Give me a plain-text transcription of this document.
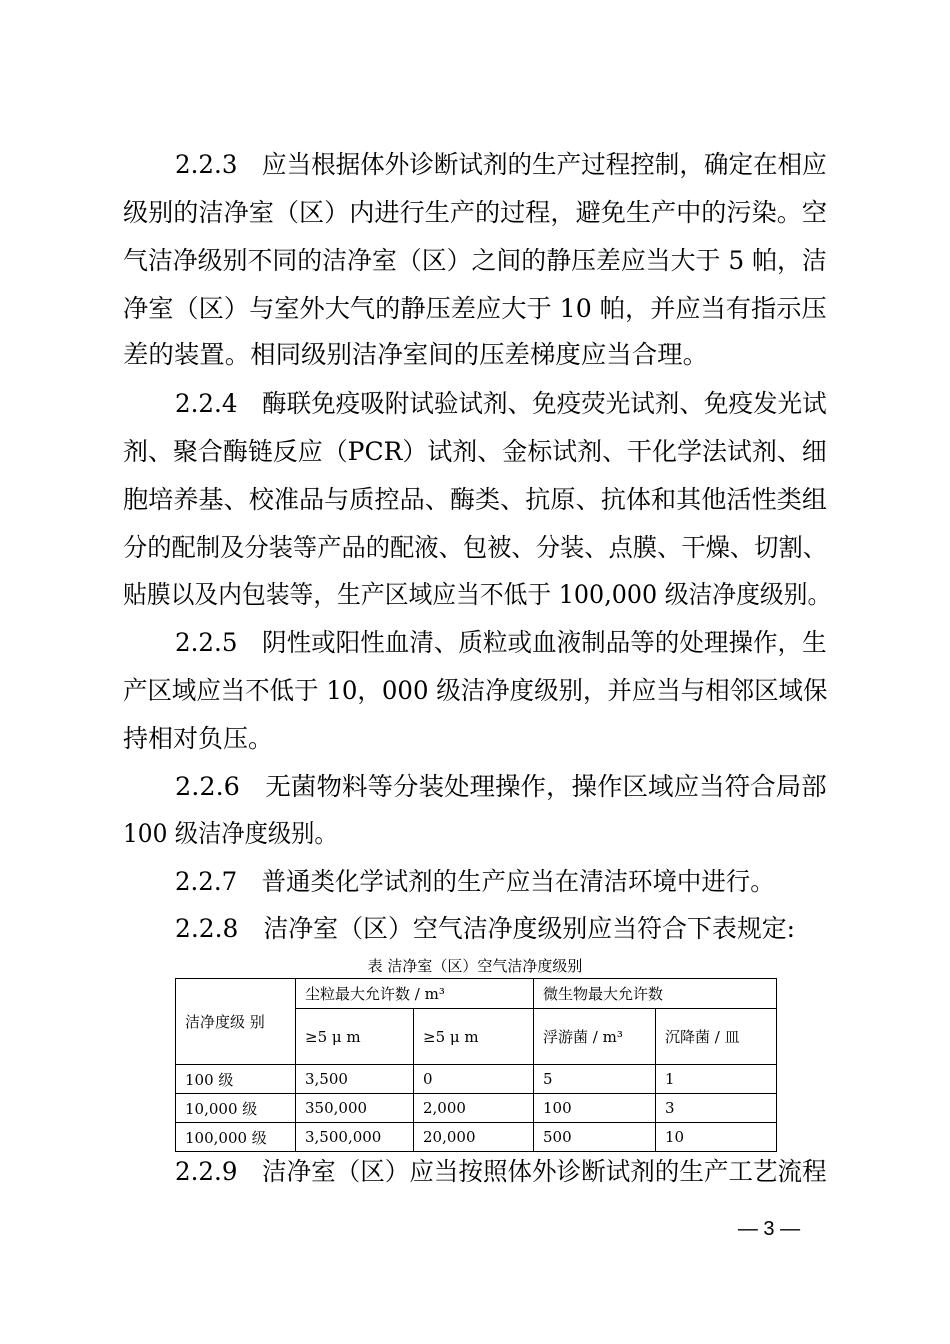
2.2.3 应当根据体外诊断试剂的生产过程控制，确定在相应
级别的洁净室（区）内进行生产的过程，避免生产中的污染。空
气洁净级别不同的洁净室（区）之间的静压差应当大于 5 帕，洁
净室（区）与室外大气的静压差应大于 10 帕，并应当有指示压
差的装置。相同级别洁净室间的压差梯度应当合理。
2.2.4 酶联免疫吸附试验试剂、免疫荧光试剂、免疫发光试
剂、聚合酶链反应（PCR）试剂、金标试剂、干化学法试剂、细
胞培养基、校准品与质控品、酶类、抗原、抗体和其他活性类组
分的配制及分装等产品的配液、包被、分装、点膜、干燥、切割、
贴膜以及内包装等，生产区域应当不低于 100,000 级洁净度级别。
2.2.5 阴性或阳性血清、质粒或血液制品等的处理操作，生
产区域应当不低于 10，000 级洁净度级别，并应当与相邻区域保
持相对负压。
2.2.6 无菌物料等分装处理操作，操作区域应当符合局部
100 级洁净度级别。
2.2.7 普通类化学试剂的生产应当在清洁环境中进行。
2.2.8 洁净室（区）空气洁净度级别应当符合下表规定:
表 洁净室（区）空气洁净度级别
洁净度级 别	尘粒最大允许数 / m³		微生物最大允许数	
	≥5 μ m	≥5 μ m	浮游菌 / m³	沉降菌 / 皿
100 级	3,500	0	5	1
10,000 级	350,000	2,000	100	3
100,000 级	3,500,000	20,000	500	10
2.2.9 洁净室（区）应当按照体外诊断试剂的生产工艺流程
— 3 —
